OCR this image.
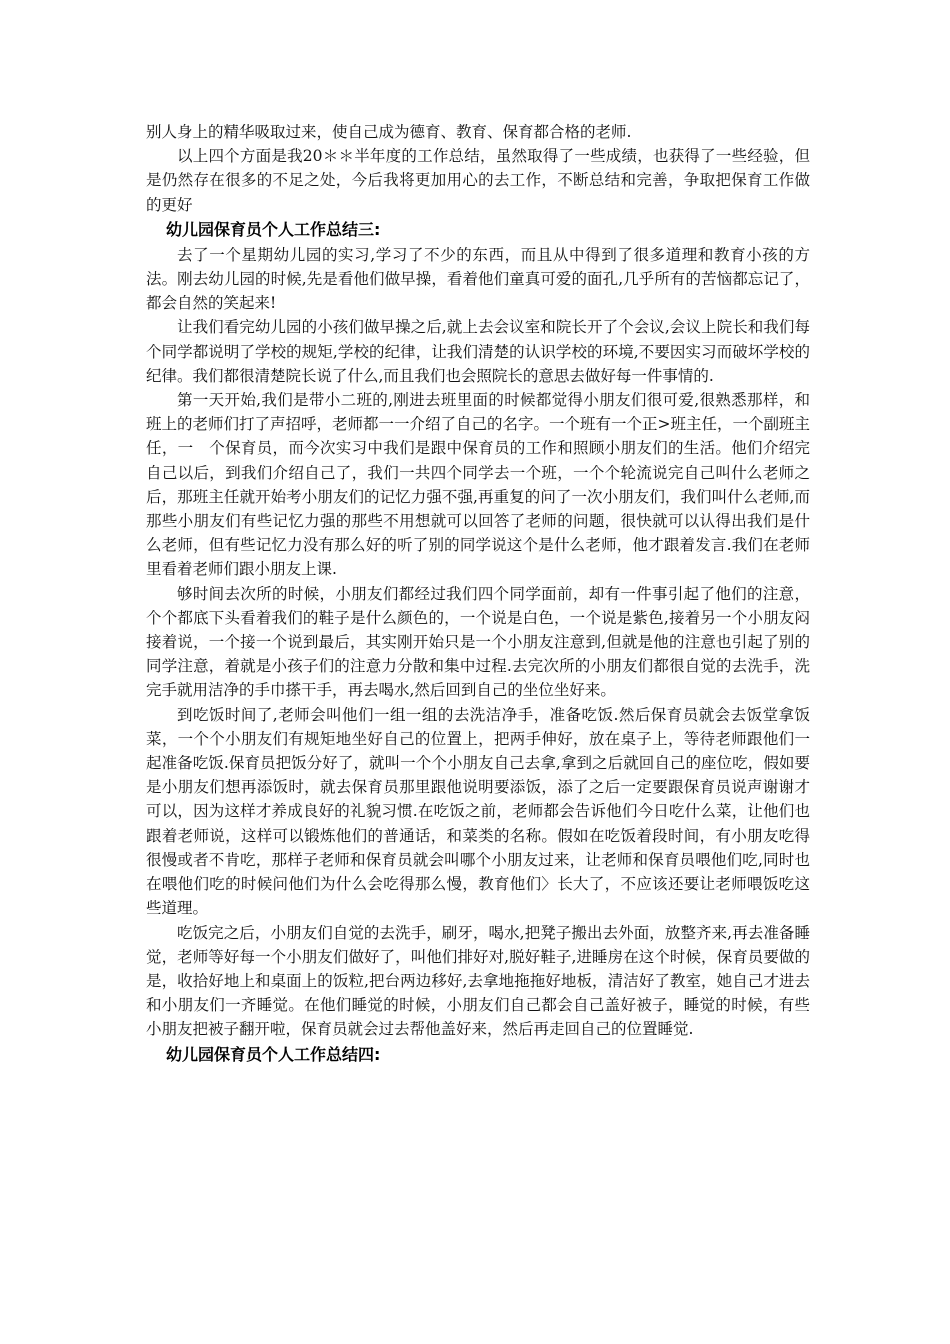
别人身上的精华吸取过来，使自己成为德育、教育、保育都合格的老师.

以上四个方面是我20＊＊半年度的工作总结，虽然取得了一些成绩，也获得了一些经验，但是仍然存在很多的不足之处，今后我将更加用心的去工作，不断总结和完善，争取把保育工作做的更好

幼儿园保育员个人工作总结三:

去了一个星期幼儿园的实习,学习了不少的东西，而且从中得到了很多道理和教育小孩的方法。刚去幼儿园的时候,先是看他们做早操，看着他们童真可爱的面孔,几乎所有的苦恼都忘记了，都会自然的笑起来!

让我们看完幼儿园的小孩们做早操之后,就上去会议室和院长开了个会议,会议上院长和我们每个同学都说明了学校的规矩,学校的纪律，让我们清楚的认识学校的环境,不要因实习而破坏学校的纪律。我们都很清楚院长说了什么,而且我们也会照院长的意思去做好每一件事情的.

第一天开始,我们是带小二班的,刚进去班里面的时候都觉得小朋友们很可爱,很熟悉那样，和班上的老师们打了声招呼，老师都一一介绍了自己的名字。一个班有一个正>班主任，一个副班主任，一　个保育员，而今次实习中我们是跟中保育员的工作和照顾小朋友们的生活。他们介绍完自己以后，到我们介绍自己了，我们一共四个同学去一个班，一个个轮流说完自己叫什么老师之后，那班主任就开始考小朋友们的记忆力强不强,再重复的问了一次小朋友们，我们叫什么老师,而那些小朋友们有些记忆力强的那些不用想就可以回答了老师的问题，很快就可以认得出我们是什么老师，但有些记忆力没有那么好的听了别的同学说这个是什么老师，他才跟着发言.我们在老师里看着老师们跟小朋友上课.

够时间去次所的时候，小朋友们都经过我们四个同学面前，却有一件事引起了他们的注意，个个都底下头看着我们的鞋子是什么颜色的，一个说是白色，一个说是紫色,接着另一个小朋友闷接着说，一个接一个说到最后，其实刚开始只是一个小朋友注意到,但就是他的注意也引起了别的同学注意，着就是小孩子们的注意力分散和集中过程.去完次所的小朋友们都很自觉的去洗手，洗完手就用洁净的手巾搽干手，再去喝水,然后回到自己的坐位坐好来。

到吃饭时间了,老师会叫他们一组一组的去洗洁净手，准备吃饭.然后保育员就会去饭堂拿饭菜，一个个小朋友们有规矩地坐好自己的位置上，把两手伸好，放在桌子上，等待老师跟他们一起准备吃饭.保育员把饭分好了，就叫一个个小朋友自己去拿,拿到之后就回自己的座位吃，假如要是小朋友们想再添饭时，就去保育员那里跟他说明要添饭，添了之后一定要跟保育员说声谢谢才可以，因为这样才养成良好的礼貌习惯.在吃饭之前，老师都会告诉他们今日吃什么菜，让他们也跟着老师说，这样可以锻炼他们的普通话，和菜类的名称。假如在吃饭着段时间，有小朋友吃得很慢或者不肯吃，那样子老师和保育员就会叫哪个小朋友过来，让老师和保育员喂他们吃,同时也在喂他们吃的时候问他们为什么会吃得那么慢，教育他们〉长大了，不应该还要让老师喂饭吃这些道理。

吃饭完之后，小朋友们自觉的去洗手，刷牙，喝水,把凳子搬出去外面，放整齐来,再去准备睡觉，老师等好每一个小朋友们做好了，叫他们排好对,脱好鞋子,进睡房在这个时候，保育员要做的是，收拾好地上和桌面上的饭粒,把台两边移好,去拿地拖拖好地板，清洁好了教室，她自己才进去和小朋友们一齐睡觉。在他们睡觉的时候，小朋友们自己都会自己盖好被子，睡觉的时候，有些小朋友把被子翻开啦，保育员就会过去帮他盖好来，然后再走回自己的位置睡觉.

幼儿园保育员个人工作总结四:
